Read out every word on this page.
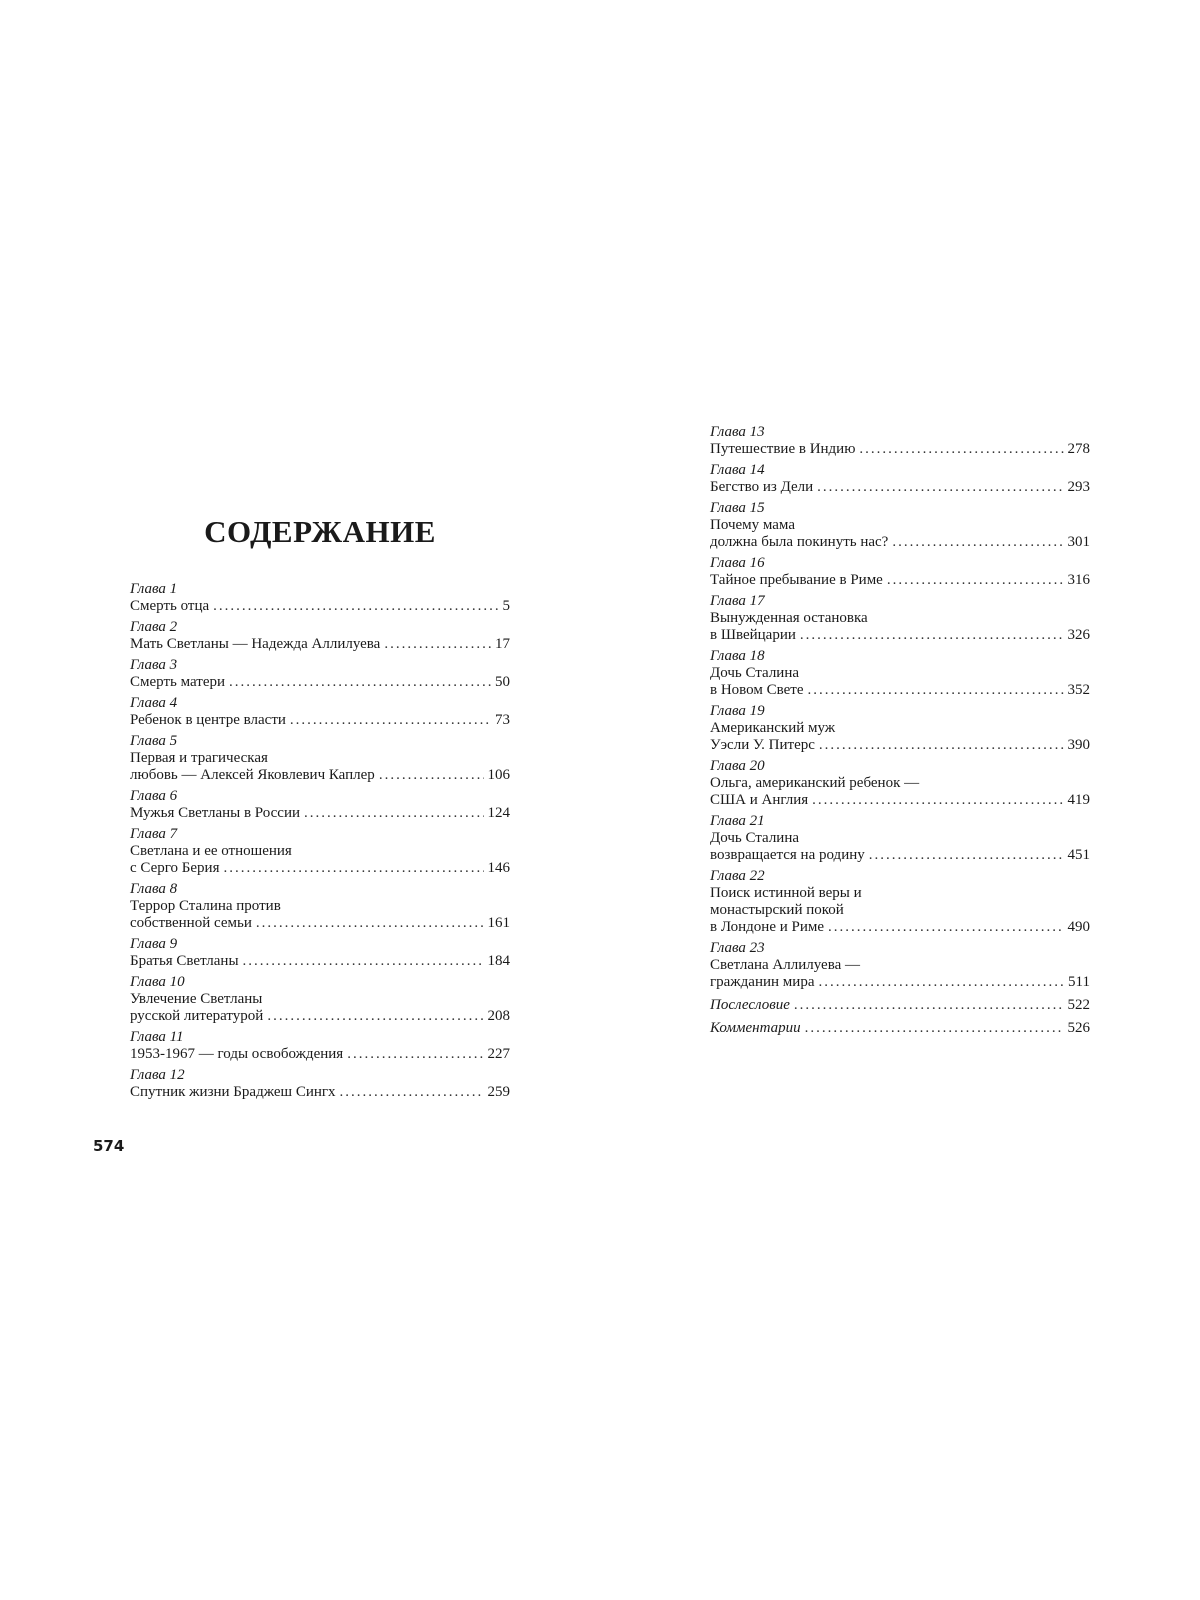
СОДЕРЖАНИЕ
Глава 1
Смерть отца .....	5
Глава 2
Мать Светланы — Надежда Аллилуева .....	17
Глава 3
Смерть матери .....	50
Глава 4
Ребенок в центре власти .....	73
Глава 5
Первая и трагическая
любовь — Алексей Яковлевич Каплер .....	106
Глава 6
Мужья Светланы в России .....	124
Глава 7
Светлана и ее отношения
с Серго Берия .....	146
Глава 8
Террор Сталина против
собственной семьи .....	161
Глава 9
Братья Светланы .....	184
Глава 10
Увлечение Светланы
русской литературой .....	208
Глава 11
1953-1967 — годы освобождения .....	227
Глава 12
Спутник жизни Браджеш Сингх .....	259
Глава 13
Путешествие в Индию .....	278
Глава 14
Бегство из Дели .....	293
Глава 15
Почему мама
должна была покинуть нас? .....	301
Глава 16
Тайное пребывание в Риме .....	316
Глава 17
Вынужденная остановка
в Швейцарии .....	326
Глава 18
Дочь Сталина
в Новом Свете .....	352
Глава 19
Американский муж
Уэсли У. Питерс .....	390
Глава 20
Ольга, американский ребенок —
США и Англия .....	419
Глава 21
Дочь Сталина
возвращается на родину .....	451
Глава 22
Поиск истинной веры и
монастырский покой
в Лондоне и Риме .....	490
Глава 23
Светлана Аллилуева —
гражданин мира .....	511
Послесловие .....	522
Комментарии .....	526
574
